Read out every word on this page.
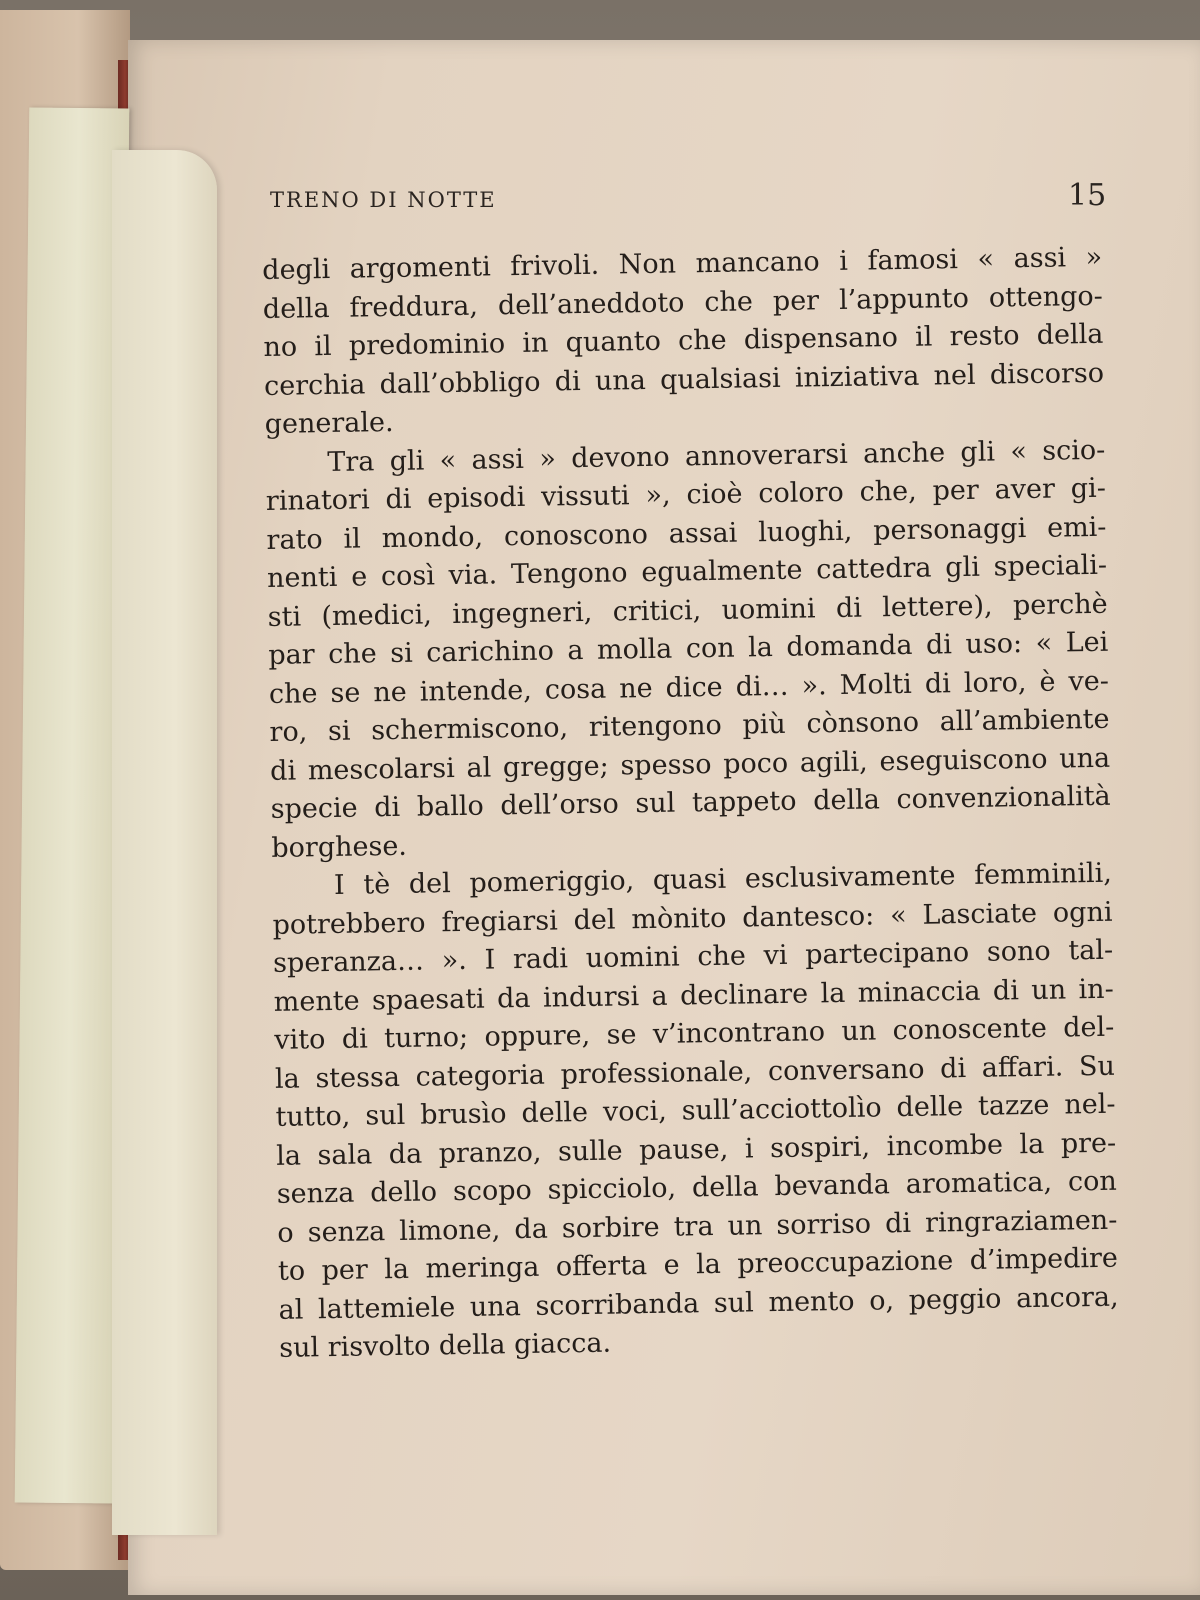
TRENO DI NOTTE	15
degli argomenti frivoli. Non mancano i famosi « assi »
della freddura, dell’aneddoto che per l’appunto ottengo-
no il predominio in quanto che dispensano il resto della
cerchia dall’obbligo di una qualsiasi iniziativa nel discorso
generale.
Tra gli « assi » devono annoverarsi anche gli « scio-
rinatori di episodi vissuti », cioè coloro che, per aver gi-
rato il mondo, conoscono assai luoghi, personaggi emi-
nenti e così via. Tengono egualmente cattedra gli speciali-
sti (medici, ingegneri, critici, uomini di lettere), perchè
par che si carichino a molla con la domanda di uso: « Lei
che se ne intende, cosa ne dice di… ». Molti di loro, è ve-
ro, si schermiscono, ritengono più cònsono all’ambiente
di mescolarsi al gregge; spesso poco agili, eseguiscono una
specie di ballo dell’orso sul tappeto della convenzionalità
borghese.
I tè del pomeriggio, quasi esclusivamente femminili,
potrebbero fregiarsi del mònito dantesco: « Lasciate ogni
speranza… ». I radi uomini che vi partecipano sono tal-
mente spaesati da indursi a declinare la minaccia di un in-
vito di turno; oppure, se v’incontrano un conoscente del-
la stessa categoria professionale, conversano di affari. Su
tutto, sul brusìo delle voci, sull’acciottolìo delle tazze nel-
la sala da pranzo, sulle pause, i sospiri, incombe la pre-
senza dello scopo spicciolo, della bevanda aromatica, con
o senza limone, da sorbire tra un sorriso di ringraziamen-
to per la meringa offerta e la preoccupazione d’impedire
al lattemiele una scorribanda sul mento o, peggio ancora,
sul risvolto della giacca.
